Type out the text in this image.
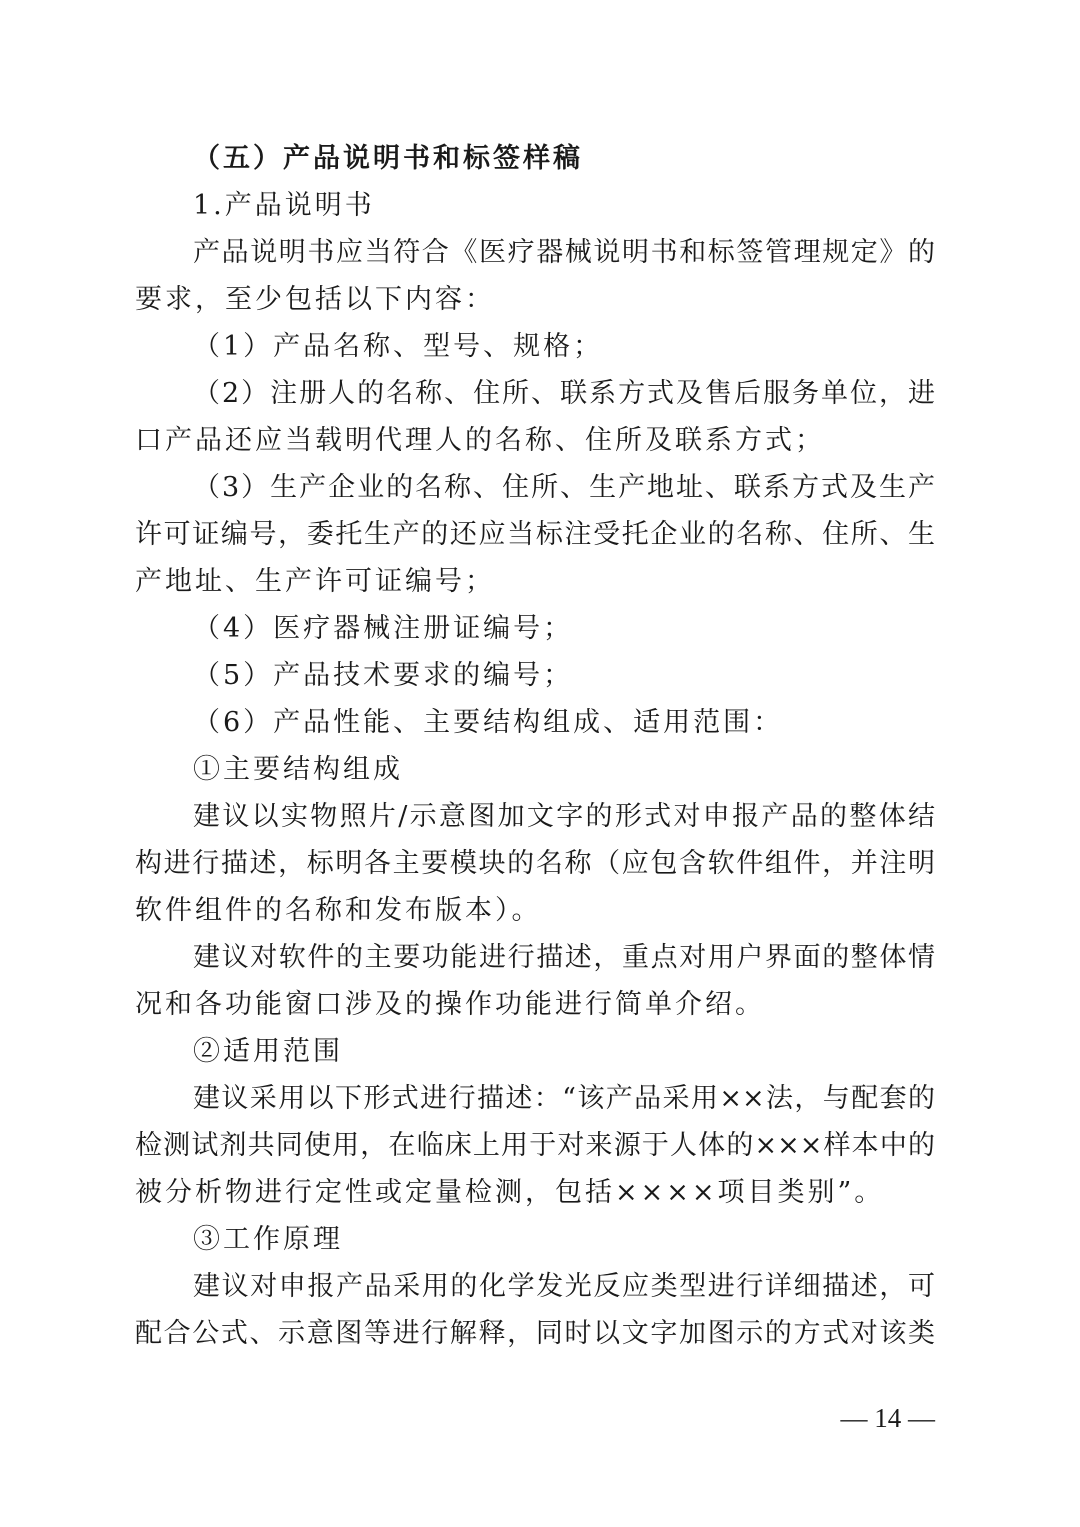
（五）产品说明书和标签样稿
1.产品说明书
产品说明书应当符合《医疗器械说明书和标签管理规定》的
要求，至少包括以下内容：
（1）产品名称、型号、规格；
（2）注册人的名称、住所、联系方式及售后服务单位，进
口产品还应当载明代理人的名称、住所及联系方式；
（3）生产企业的名称、住所、生产地址、联系方式及生产
许可证编号，委托生产的还应当标注受托企业的名称、住所、生
产地址、生产许可证编号；
（4）医疗器械注册证编号；
（5）产品技术要求的编号；
（6）产品性能、主要结构组成、适用范围：
①主要结构组成
建议以实物照片/示意图加文字的形式对申报产品的整体结
构进行描述，标明各主要模块的名称（应包含软件组件，并注明
软件组件的名称和发布版本）。
建议对软件的主要功能进行描述，重点对用户界面的整体情
况和各功能窗口涉及的操作功能进行简单介绍。
②适用范围
建议采用以下形式进行描述：“该产品采用××法，与配套的
检测试剂共同使用，在临床上用于对来源于人体的×××样本中的
被分析物进行定性或定量检测，包括××××项目类别”。
③工作原理
建议对申报产品采用的化学发光反应类型进行详细描述，可
配合公式、示意图等进行解释，同时以文字加图示的方式对该类
— 14 —
